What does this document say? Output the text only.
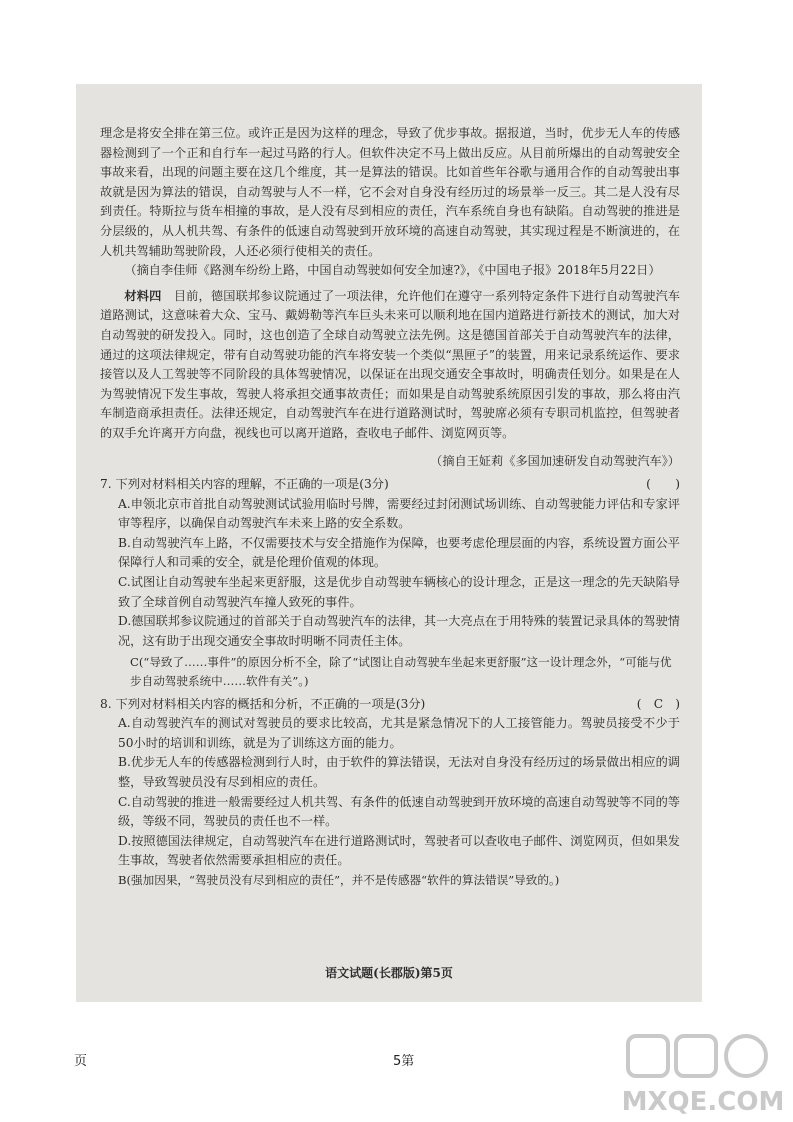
理念是将安全排在第三位。或许正是因为这样的理念，导致了优步事故。据报道，当时，优步无人车的传感器检测到了一个正和自行车一起过马路的行人。但软件决定不马上做出反应。从目前所爆出的自动驾驶安全事故来看，出现的问题主要在这几个维度，其一是算法的错误。比如首些年谷歌与通用合作的自动驾驶出事故就是因为算法的错误，自动驾驶与人不一样，它不会对自身没有经历过的场景举一反三。其二是人没有尽到责任。特斯拉与货车相撞的事故，是人没有尽到相应的责任，汽车系统自身也有缺陷。自动驾驶的推进是分层级的，从人机共驾、有条件的低速自动驾驶到开放环境的高速自动驾驶，其实现过程是不断演进的，在人机共驾辅助驾驶阶段，人还必须行使相关的责任。

（摘自李佳师《路测车纷纷上路，中国自动驾驶如何安全加速?》，《中国电子报》2018年5月22日）

材料四　 目前，德国联邦参议院通过了一项法律，允许他们在遵守一系列特定条件下进行自动驾驶汽车道路测试，这意味着大众、宝马、戴姆勒等汽车巨头未来可以顺利地在国内道路进行新技术的测试，加大对自动驾驶的研发投入。同时，这也创造了全球自动驾驶立法先例。这是德国首部关于自动驾驶汽车的法律，通过的这项法律规定，带有自动驾驶功能的汽车将安装一个类似“黑匣子”的装置，用来记录系统运作、要求接管以及人工驾驶等不同阶段的具体驾驶情况，以保证在出现交通安全事故时，明确责任划分。如果是在人为驾驶情况下发生事故，驾驶人将承担交通事故责任；而如果是自动驾驶系统原因引发的事故，那么将由汽车制造商承担责任。法律还规定，自动驾驶汽车在进行道路测试时，驾驶席必须有专职司机监控，但驾驶者的双手允许离开方向盘，视线也可以离开道路，查收电子邮件、浏览网页等。

（摘自王姃莉《多国加速研发自动驾驶汽车》）

7. 下列对材料相关内容的理解，不正确的一项是(3分)	(　　)
A.申领北京市首批自动驾驶测试试验用临时号牌，需要经过封闭测试场训练、自动驾驶能力评估和专家评审等程序，以确保自动驾驶汽车未来上路的安全系数。
B.自动驾驶汽车上路，不仅需要技术与安全措施作为保障，也要考虑伦理层面的内容，系统设置方面公平保障行人和司乘的安全，就是伦理价值观的体现。
C.试图让自动驾驶车坐起来更舒服，这是优步自动驾驶车辆核心的设计理念，正是这一理念的先天缺陷导致了全球首例自动驾驶汽车撞人致死的事件。
D.德国联邦参议院通过的首部关于自动驾驶汽车的法律，其一大亮点在于用特殊的装置记录具体的驾驶情况，这有助于出现交通安全事故时明晰不同责任主体。
C(“导致了……事件”的原因分析不全，除了“试图让自动驾驶车坐起来更舒服”这一设计理念外，“可能与优步自动驾驶系统中……软件有关”。)
8. 下列对材料相关内容的概括和分析，不正确的一项是(3分)	(　C　)
A.自动驾驶汽车的测试对驾驶员的要求比较高，尤其是紧急情况下的人工接管能力。驾驶员接受不少于50小时的培训和训练，就是为了训练这方面的能力。
B.优步无人车的传感器检测到行人时，由于软件的算法错误，无法对自身没有经历过的场景做出相应的调整，导致驾驶员没有尽到相应的责任。
C.自动驾驶的推进一般需要经过人机共驾、有条件的低速自动驾驶到开放环境的高速自动驾驶等不同的等级，等级不同，驾驶员的责任也不一样。
D.按照德国法律规定，自动驾驶汽车在进行道路测试时，驾驶者可以查收电子邮件、浏览网页，但如果发生事故，驾驶者依然需要承担相应的责任。
B(强加因果，“驾驶员没有尽到相应的责任”，并不是传感器“软件的算法错误”导致的。)
语文试题(长郡版)第5页
页	5第
MXQE.COM
